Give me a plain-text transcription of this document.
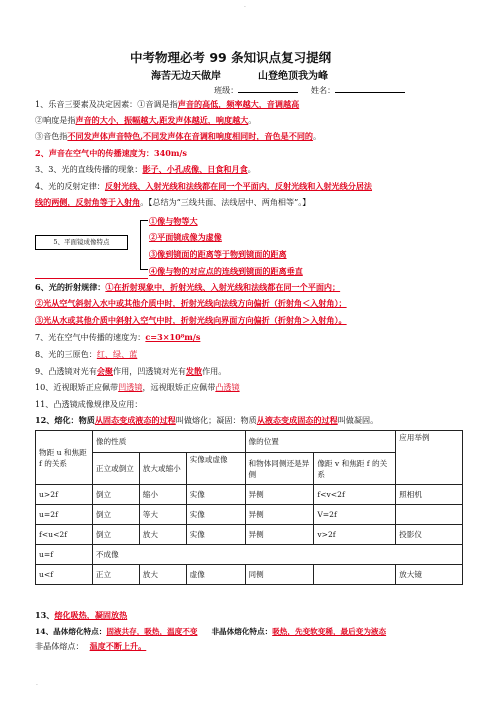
.
中考物理必考 99 条知识点复习提纲
海苦无边天做岸	山登绝顶我为峰
班级：	姓名：
1、乐音三要素及决定因素：①音调是指声音的高低，频率越大，音调越高
②响度是指声音的大小，振幅越大,距发声体越近，响度越大。
③音色指不同发声体声音特色,不同发声体在音调和响度相同时，音色是不同的。
2、声音在空气中的传播速度为：340m/s
3、3、光的直线传播的现象：影子、小孔成像、日食和月食。
4、光的反射定律：反射光线、入射光线和法线都在同一个平面内，反射光线和入射光线分居法
线的两侧，反射角等于入射角。【总结为“三线共面、法线居中、两角相等”。】
5、平面镜成像特点
①像与物等大
②平面镜成像为虚像
③像到镜面的距离等于物到镜面的距离
④像与物的对应点的连线到镜面的距离垂直
6、光的折射规律：①在折射现象中，折射光线、入射光线和法线都在同一个平面内；
②光从空气斜射入水中或其他介质中时，折射光线向法线方向偏折（折射角＜入射角）；
③光从水或其他介质中斜射入空气中时，折射光线向界面方向偏折（折射角＞入射角）。
7、光在空气中传播的速度为：c=3×10⁸m/s
8、光的三原色：红、绿、蓝
9、凸透镜对光有会聚作用，凹透镜对光有发散作用。
10、近视眼矫正应佩带凹透镜，远视眼矫正应佩带凸透镜
11、凸透镜成像规律及应用：
12、熔化：物质从固态变成液态的过程叫做熔化；凝固：物质从液态变成固态的过程叫做凝固。
物距 u 和焦距 f 的关系	像的性质			像的位置		应用举例
	正立或倒立	放大或缩小	实像或虚像	和物体同侧还是异侧	像距 v 和焦距 f 的关系	
u>2f	倒立	缩小	实像	异侧	f<v<2f	照相机
u=2f	倒立	等大	实像	异侧	V=2f	
f<u<2f	倒立	放大	实像	异侧	v>2f	投影仪
u=f	不成像					
u<f	正立	放大	虚像	同侧		放大镜
13、熔化吸热，凝固放热
14、晶体熔化特点：固液共存，吸热，温度不变 非晶体熔化特点：吸热，先变软变稀，最后变为液态
非晶体熔点： 温度不断上升。
.
